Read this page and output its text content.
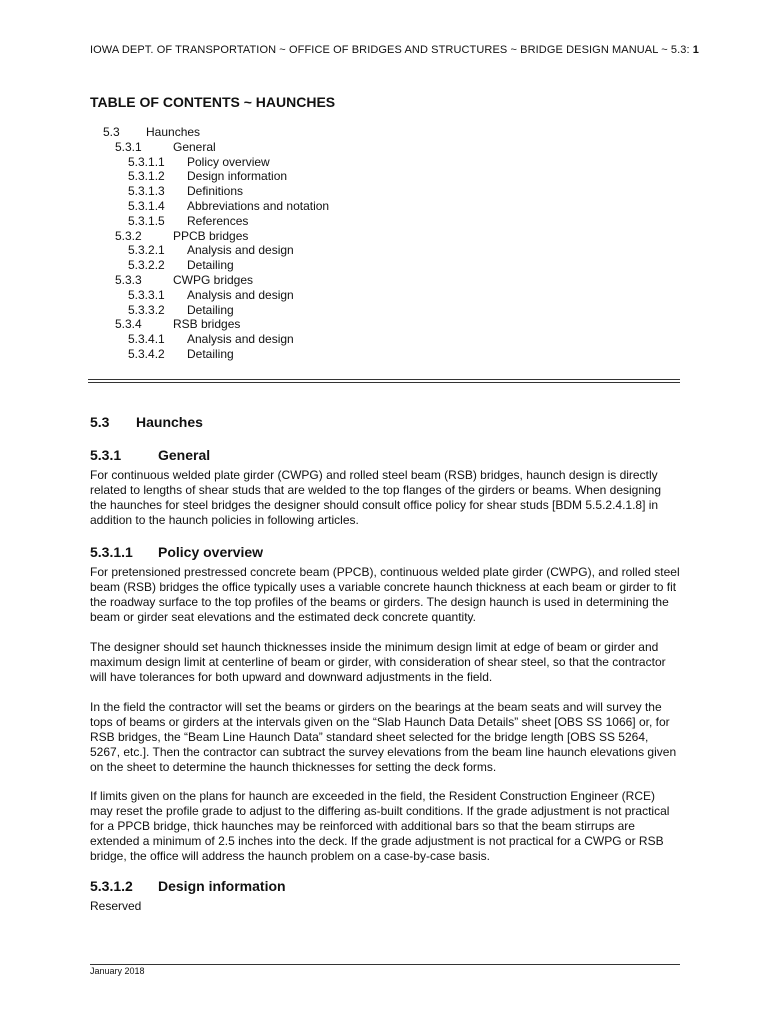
IOWA DEPT. OF TRANSPORTATION ~ OFFICE OF BRIDGES AND STRUCTURES ~ BRIDGE DESIGN MANUAL ~ 5.3: 1
TABLE OF CONTENTS ~ HAUNCHES
5.3 Haunches
5.3.1	General
5.3.1.1 Policy overview
5.3.1.2 Design information
5.3.1.3 Definitions
5.3.1.4 Abbreviations and notation
5.3.1.5 References
5.3.2	PPCB bridges
5.3.2.1 Analysis and design
5.3.2.2 Detailing
5.3.3	CWPG bridges
5.3.3.1 Analysis and design
5.3.3.2 Detailing
5.3.4	RSB bridges
5.3.4.1 Analysis and design
5.3.4.2 Detailing
5.3 Haunches
5.3.1	General

For continuous welded plate girder (CWPG) and rolled steel beam (RSB) bridges, haunch design is directly related to lengths of shear studs that are welded to the top flanges of the girders or beams. When designing the haunches for steel bridges the designer should consult office policy for shear studs [BDM 5.5.2.4.1.8] in addition to the haunch policies in following articles.

5.3.1.1 Policy overview

For pretensioned prestressed concrete beam (PPCB), continuous welded plate girder (CWPG), and rolled steel beam (RSB) bridges the office typically uses a variable concrete haunch thickness at each beam or girder to fit the roadway surface to the top profiles of the beams or girders. The design haunch is used in determining the beam or girder seat elevations and the estimated deck concrete quantity.

The designer should set haunch thicknesses inside the minimum design limit at edge of beam or girder and maximum design limit at centerline of beam or girder, with consideration of shear steel, so that the contractor will have tolerances for both upward and downward adjustments in the field.

In the field the contractor will set the beams or girders on the bearings at the beam seats and will survey the tops of beams or girders at the intervals given on the “Slab Haunch Data Details” sheet [OBS SS 1066] or, for RSB bridges, the “Beam Line Haunch Data” standard sheet selected for the bridge length [OBS SS 5264, 5267, etc.]. Then the contractor can subtract the survey elevations from the beam line haunch elevations given on the sheet to determine the haunch thicknesses for setting the deck forms.

If limits given on the plans for haunch are exceeded in the field, the Resident Construction Engineer (RCE) may reset the profile grade to adjust to the differing as-built conditions. If the grade adjustment is not practical for a PPCB bridge, thick haunches may be reinforced with additional bars so that the beam stirrups are extended a minimum of 2.5 inches into the deck. If the grade adjustment is not practical for a CWPG or RSB bridge, the office will address the haunch problem on a case-by-case basis.

5.3.1.2 Design information

Reserved

January 2018
